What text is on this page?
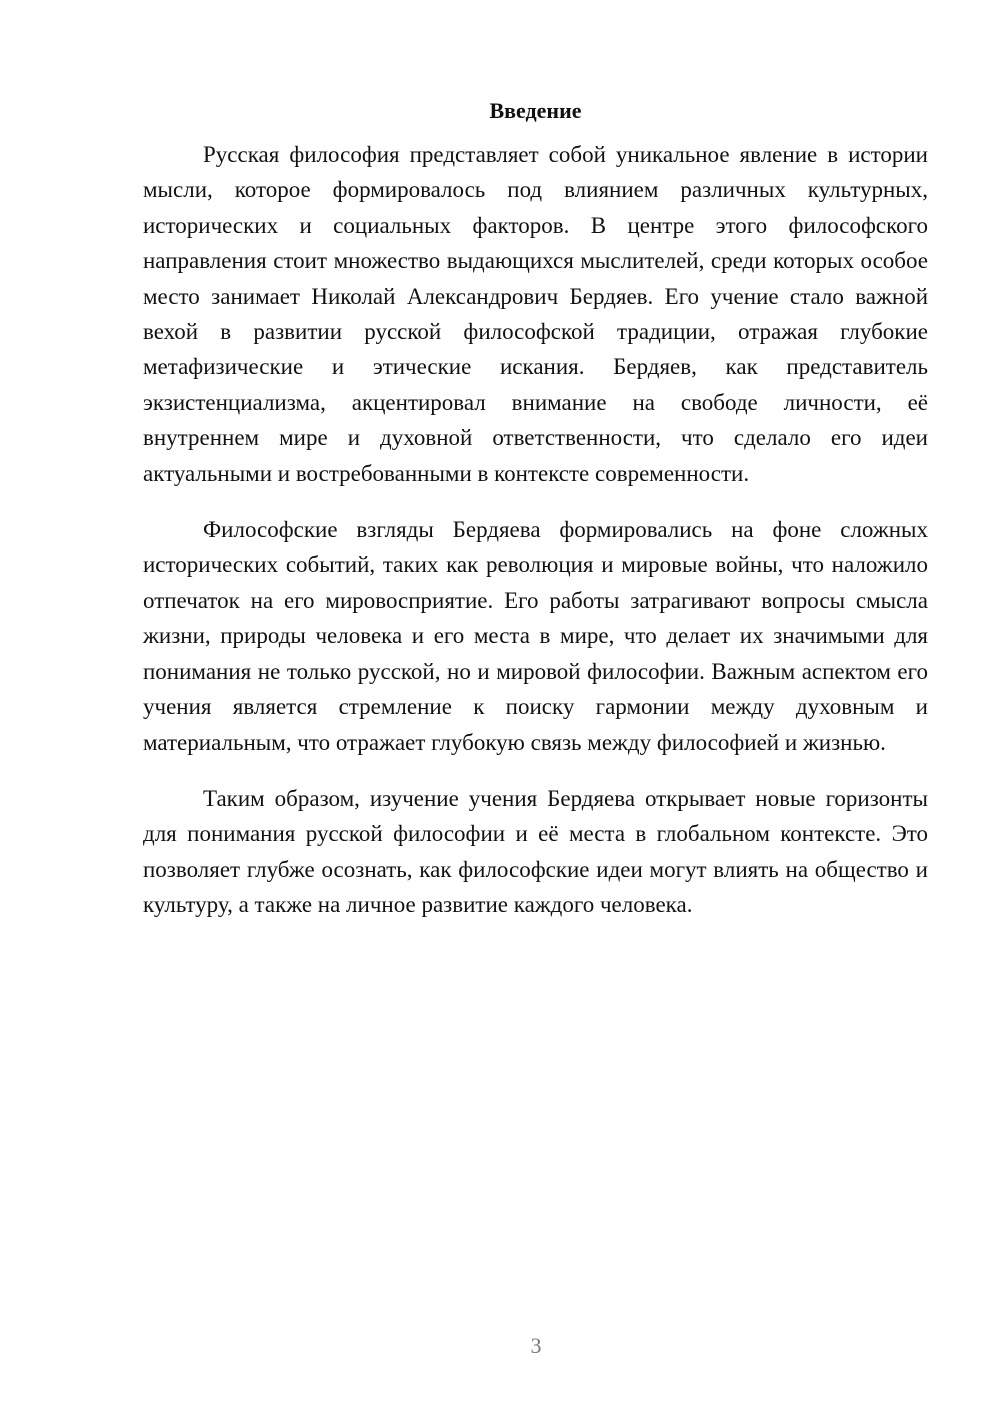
Введение

Русская философия представляет собой уникальное явление в истории мысли, которое формировалось под влиянием различных культурных, исторических и социальных факторов. В центре этого философского направления стоит множество выдающихся мыслителей, среди которых особое место занимает Николай Александрович Бердяев. Его учение стало важной вехой в развитии русской философской традиции, отражая глубокие метафизические и этические искания. Бердяев, как представитель экзистенциализма, акцентировал внимание на свободе личности, её внутреннем мире и духовной ответственности, что сделало его идеи актуальными и востребованными в контексте современности.

Философские взгляды Бердяева формировались на фоне сложных исторических событий, таких как революция и мировые войны, что наложило отпечаток на его мировосприятие. Его работы затрагивают вопросы смысла жизни, природы человека и его места в мире, что делает их значимыми для понимания не только русской, но и мировой философии. Важным аспектом его учения является стремление к поиску гармонии между духовным и материальным, что отражает глубокую связь между философией и жизнью.

Таким образом, изучение учения Бердяева открывает новые горизонты для понимания русской философии и её места в глобальном контексте. Это позволяет глубже осознать, как философские идеи могут влиять на общество и культуру, а также на личное развитие каждого человека.

3
